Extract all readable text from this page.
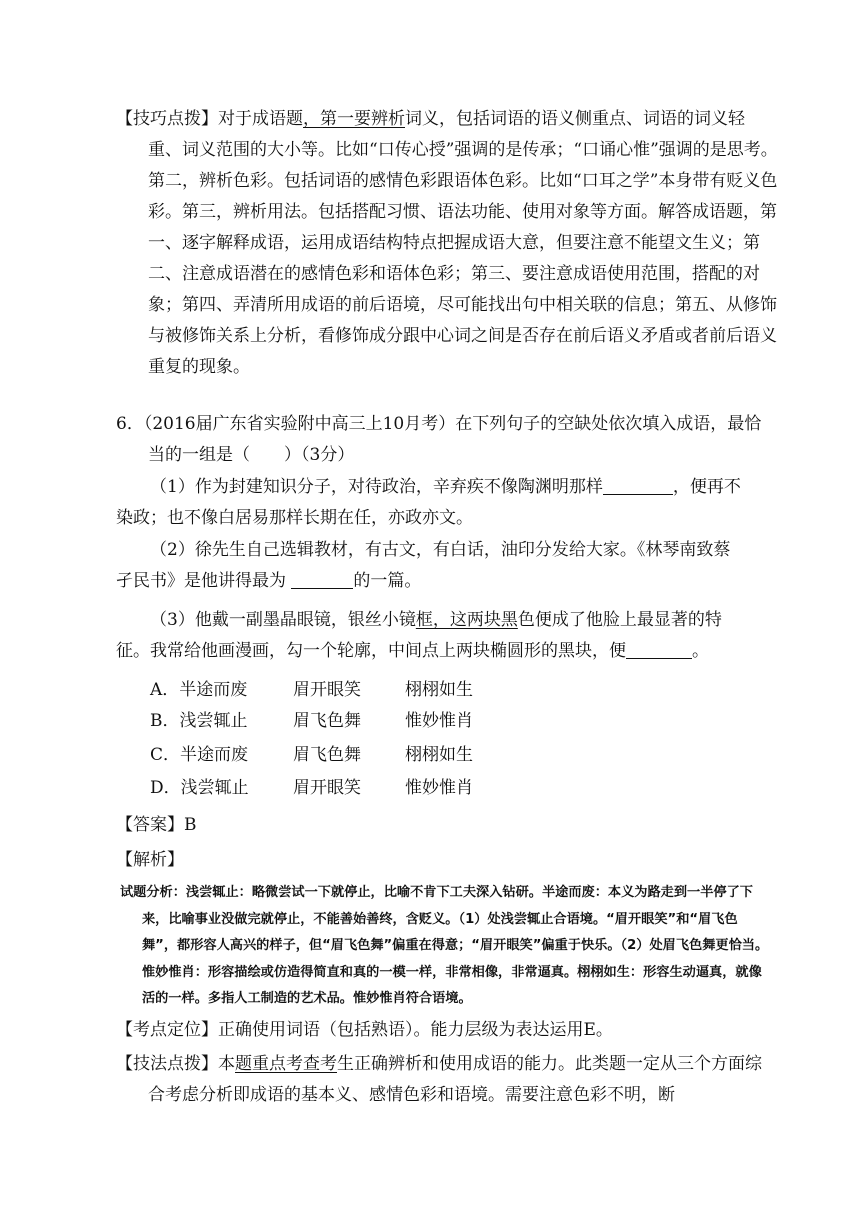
【技巧点拨】对于成语题，第一要辨析词义，包括词语的语义侧重点、词语的词义轻重、词义范围的大小等。比如“口传心授”强调的是传承；“口诵心惟”强调的是思考。第二，辨析色彩。包括词语的感情色彩跟语体色彩。比如“口耳之学”本身带有贬义色彩。第三，辨析用法。包括搭配习惯、语法功能、使用对象等方面。解答成语题，第一、逐字解释成语，运用成语结构特点把握成语大意，但要注意不能望文生义；第二、注意成语潜在的感情色彩和语体色彩；第三、要注意成语使用范围，搭配的对象；第四、弄清所用成语的前后语境，尽可能找出句中相关联的信息；第五、从修饰与被修饰关系上分析，看修饰成分跟中心词之间是否存在前后语义矛盾或者前后语义重复的现象。
6．（2016届广东省实验附中高三上10月考）在下列句子的空缺处依次填入成语，最恰当的一组是（　　）（3分）
（1）作为封建知识分子，对待政治，辛弃疾不像陶渊明那样	，便再不染政；也不像白居易那样长期在任，亦政亦文。
（2）徐先生自己选辑教材，有古文，有白话，油印分发给大家。《林琴南致蔡孑民书》是他讲得最为	的一篇。
（3）他戴一副墨晶眼镜，银丝小镜框，这两块黑色便成了他脸上最显著的特征。我常给他画漫画，勾一个轮廓，中间点上两块椭圆形的黑块，便	。
A．半途而废	眉开眼笑	栩栩如生
B．浅尝辄止	眉飞色舞	惟妙惟肖
C．半途而废	眉飞色舞	栩栩如生
D．浅尝辄止	眉开眼笑	惟妙惟肖
【答案】B
【解析】
试题分析：浅尝辄止：略微尝试一下就停止，比喻不肯下工夫深入钻研。半途而废：本义为路走到一半停了下来，比喻事业没做完就停止，不能善始善终，含贬义。（1）处浅尝辄止合语境。“眉开眼笑”和“眉飞色舞”，都形容人高兴的样子，但“眉飞色舞”偏重在得意；“眉开眼笑”偏重于快乐。（2）处眉飞色舞更恰当。惟妙惟肖：形容描绘或仿造得简直和真的一模一样，非常相像，非常逼真。栩栩如生：形容生动逼真，就像活的一样。多指人工制造的艺术品。惟妙惟肖符合语境。
【考点定位】正确使用词语（包括熟语）。能力层级为表达运用E。
【技法点拨】本题重点考查考生正确辨析和使用成语的能力。此类题一定从三个方面综合考虑分析即成语的基本义、感情色彩和语境。需要注意色彩不明，断
